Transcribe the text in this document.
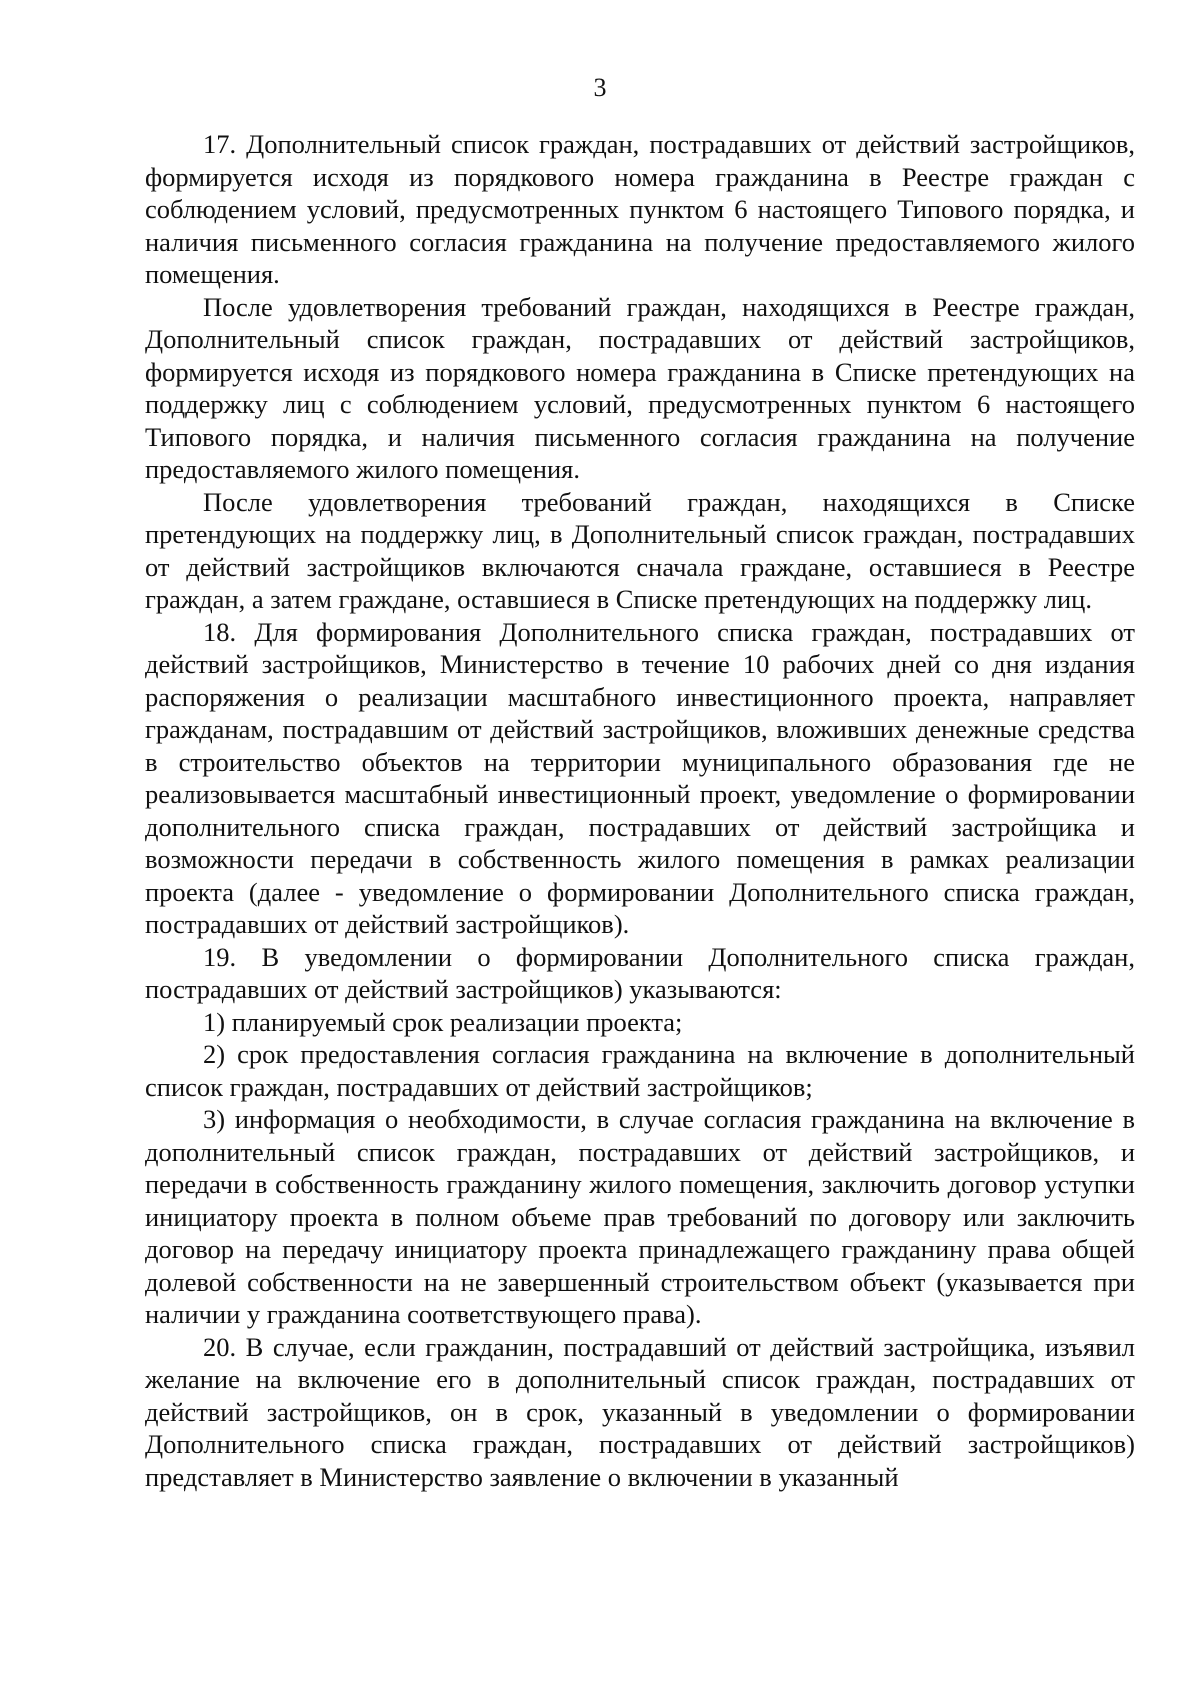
3

17. Дополнительный список граждан, пострадавших от действий застройщиков, формируется исходя из порядкового номера гражданина в Реестре граждан с соблюдением условий, предусмотренных пунктом 6 настоящего Типового порядка, и наличия письменного согласия гражданина на получение предоставляемого жилого помещения.

После удовлетворения требований граждан, находящихся в Реестре граждан, Дополнительный список граждан, пострадавших от действий застройщиков, формируется исходя из порядкового номера гражданина в Списке претендующих на поддержку лиц с соблюдением условий, предусмотренных пунктом 6 настоящего Типового порядка, и наличия письменного согласия гражданина на получение предоставляемого жилого помещения.

После удовлетворения требований граждан, находящихся в Списке претендующих на поддержку лиц, в Дополнительный список граждан, пострадавших от действий застройщиков включаются сначала граждане, оставшиеся в Реестре граждан, а затем граждане, оставшиеся в Списке претендующих на поддержку лиц.

18. Для формирования Дополнительного списка граждан, пострадавших от действий застройщиков, Министерство в течение 10 рабочих дней со дня издания распоряжения о реализации масштабного инвестиционного проекта, направляет гражданам, пострадавшим от действий застройщиков, вложивших денежные средства в строительство объектов на территории муниципального образования где не реализовывается масштабный инвестиционный проект, уведомление о формировании дополнительного списка граждан, пострадавших от действий застройщика и возможности передачи в собственность жилого помещения в рамках реализации проекта (далее - уведомление о формировании Дополнительного списка граждан, пострадавших от действий застройщиков).

19. В уведомлении о формировании Дополнительного списка граждан, пострадавших от действий застройщиков) указываются:

1) планируемый срок реализации проекта;

2) срок предоставления согласия гражданина на включение в дополнительный список граждан, пострадавших от действий застройщиков;

3) информация о необходимости, в случае согласия гражданина на включение в дополнительный список граждан, пострадавших от действий застройщиков, и передачи в собственность гражданину жилого помещения, заключить договор уступки инициатору проекта в полном объеме прав требований по договору или заключить договор на передачу инициатору проекта принадлежащего гражданину права общей долевой собственности на не завершенный строительством объект (указывается при наличии у гражданина соответствующего права).

20. В случае, если гражданин, пострадавший от действий застройщика, изъявил желание на включение его в дополнительный список граждан, пострадавших от действий застройщиков, он в срок, указанный в уведомлении о формировании Дополнительного списка граждан, пострадавших от действий застройщиков) представляет в Министерство заявление о включении в указанный
